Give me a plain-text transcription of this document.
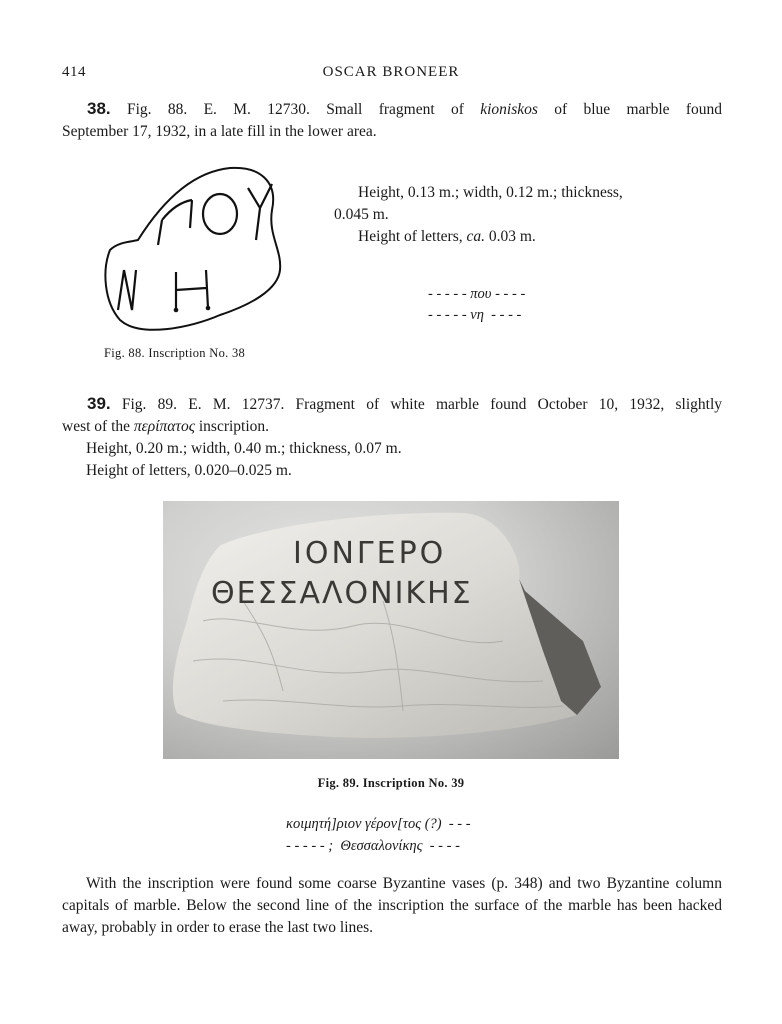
414	OSCAR BRONEER
38. Fig. 88. E. M. 12730. Small fragment of kioniskos of blue marble found
September 17, 1932, in a late fill in the lower area.
Height, 0.13 m.; width, 0.12 m.; thickness,
0.045 m.
Height of letters, ca. 0.03 m.
- - - - - που - - - -
- - - - - νη  - - - -
Fig. 88. Inscription No. 38
39. Fig. 89. E. M. 12737. Fragment of white marble found October 10, 1932, slightly
west of the περίπατος inscription.
Height, 0.20 m.; width, 0.40 m.; thickness, 0.07 m.
Height of letters, 0.020–0.025 m.
ΙΟΝΓΕΡΟ
ΘΕΣΣΑΛΟΝΙΚΗΣ
Fig. 89. Inscription No. 39
κοιμητή]ριον γέρον[τος (?)  - - -
- - - - - ;  Θεσσαλονίκης  - - - -
With the inscription were found some coarse Byzantine vases (p. 348) and two Byzantine column capitals of marble. Below the second line of the inscription the surface of the marble has been hacked away, probably in order to erase the last two lines.
